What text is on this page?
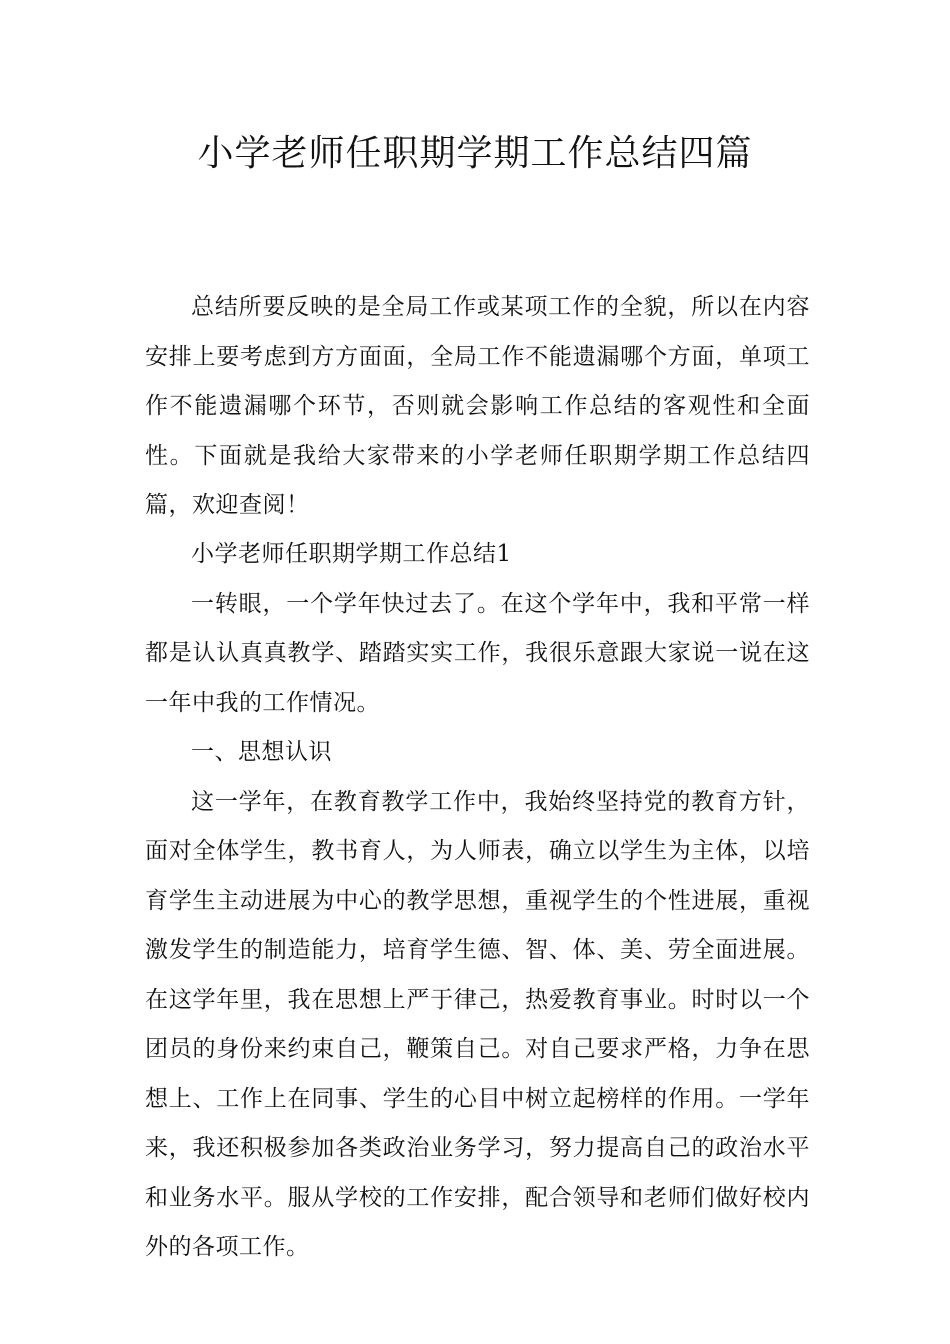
小学老师任职期学期工作总结四篇

总结所要反映的是全局工作或某项工作的全貌，所以在内容安排上要考虑到方方面面，全局工作不能遗漏哪个方面，单项工作不能遗漏哪个环节，否则就会影响工作总结的客观性和全面性。下面就是我给大家带来的小学老师任职期学期工作总结四篇，欢迎查阅！

小学老师任职期学期工作总结1

一转眼，一个学年快过去了。在这个学年中，我和平常一样都是认认真真教学、踏踏实实工作，我很乐意跟大家说一说在这一年中我的工作情况。

一、思想认识

这一学年，在教育教学工作中，我始终坚持党的教育方针，面对全体学生，教书育人，为人师表，确立以学生为主体，以培育学生主动进展为中心的教学思想，重视学生的个性进展，重视激发学生的制造能力，培育学生德、智、体、美、劳全面进展。在这学年里，我在思想上严于律己，热爱教育事业。时时以一个团员的身份来约束自己，鞭策自己。对自己要求严格，力争在思想上、工作上在同事、学生的心目中树立起榜样的作用。一学年来，我还积极参加各类政治业务学习，努力提高自己的政治水平和业务水平。服从学校的工作安排，配合领导和老师们做好校内外的各项工作。
